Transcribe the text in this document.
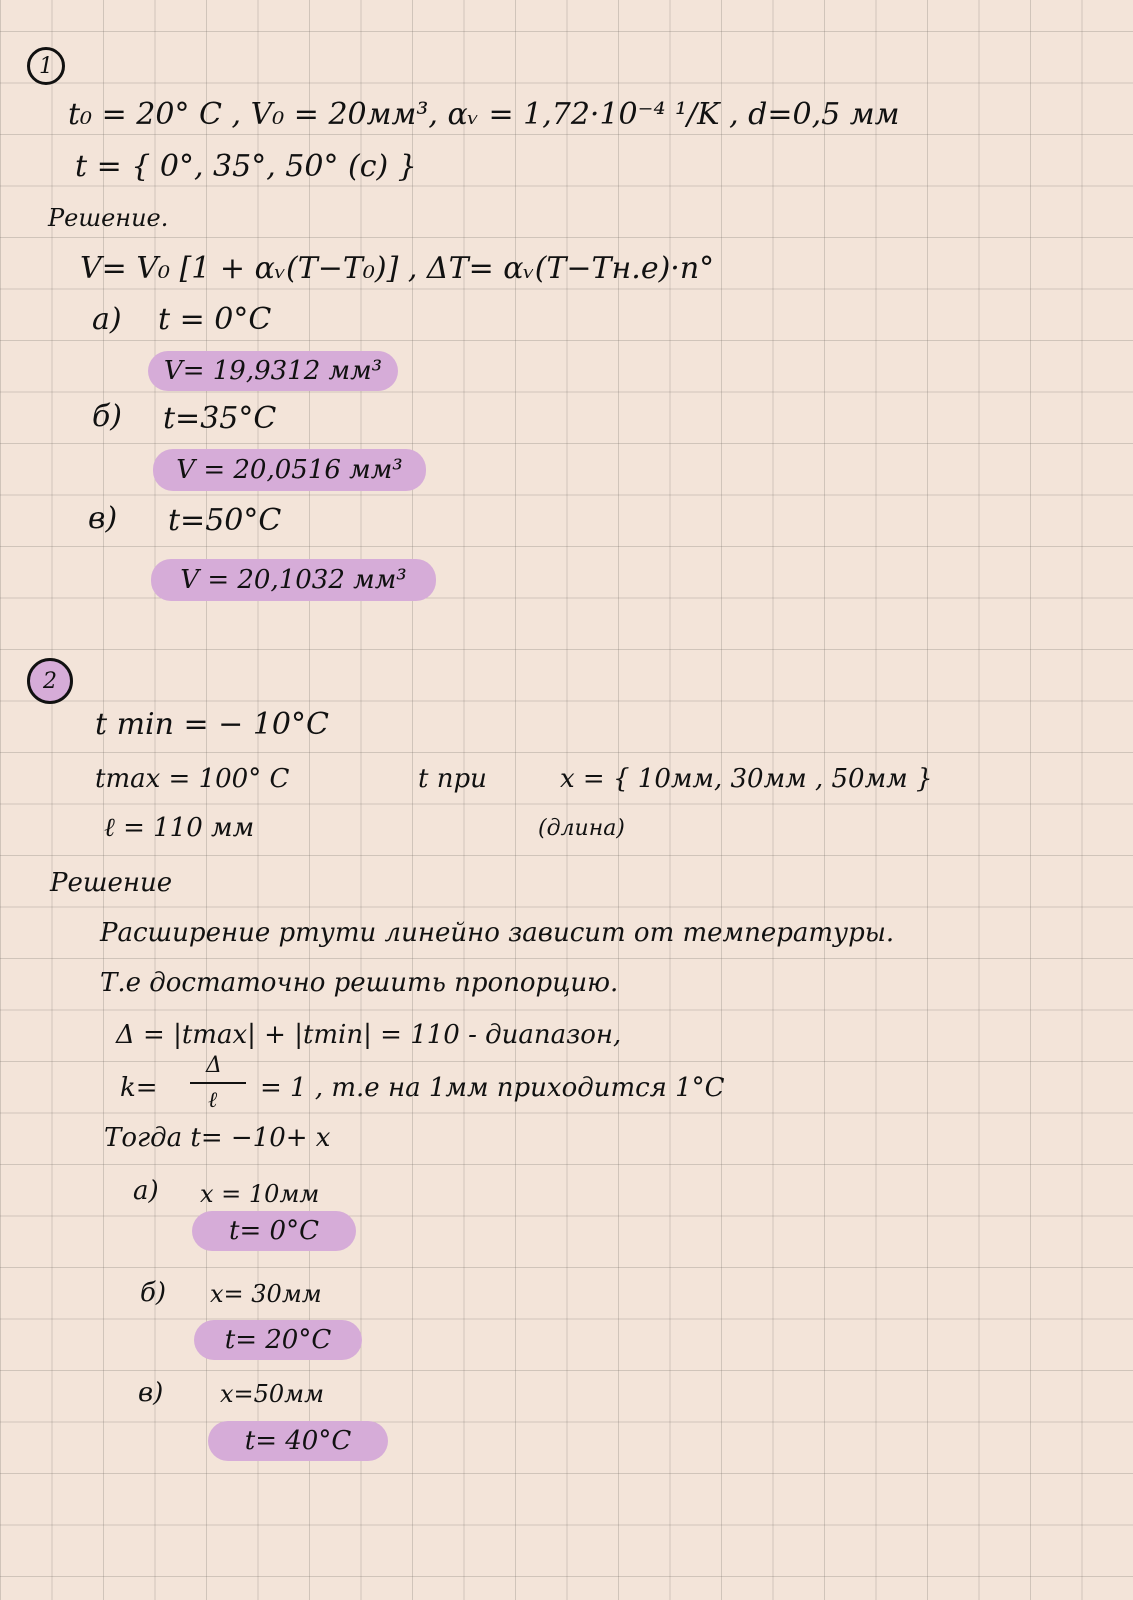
1
t₀ = 20° C , V₀ = 20мм³, αᵥ = 1,72·10⁻⁴ ¹/K , d=0,5 мм
t = { 0°, 35°, 50° (c) }
Решение.
V= V₀ [1 + αᵥ(T−T₀)] , ΔT= αᵥ(T−Tн.е)·n°
а) t = 0°C
V= 19,9312 мм³
б) t=35°C
V = 20,0516 мм³
в) t=50°C
V = 20,1032 мм³
2
t min = − 10°C
tmax = 100° C	t при	x = { 10мм, 30мм , 50мм }
ℓ = 110 мм	(длина)
Решение
Расширение ртути линейно зависит от температуры.
Т.е достаточно решить пропорцию.
Δ = |tmax| + |tmin| = 110 - диапазон,
k=
Δ
ℓ = 1 , т.е на 1мм приходится 1°C
Тогда t= −10+ x
а) x = 10мм
t= 0°C
б) x= 30мм
t= 20°C
в) x=50мм
t= 40°C
